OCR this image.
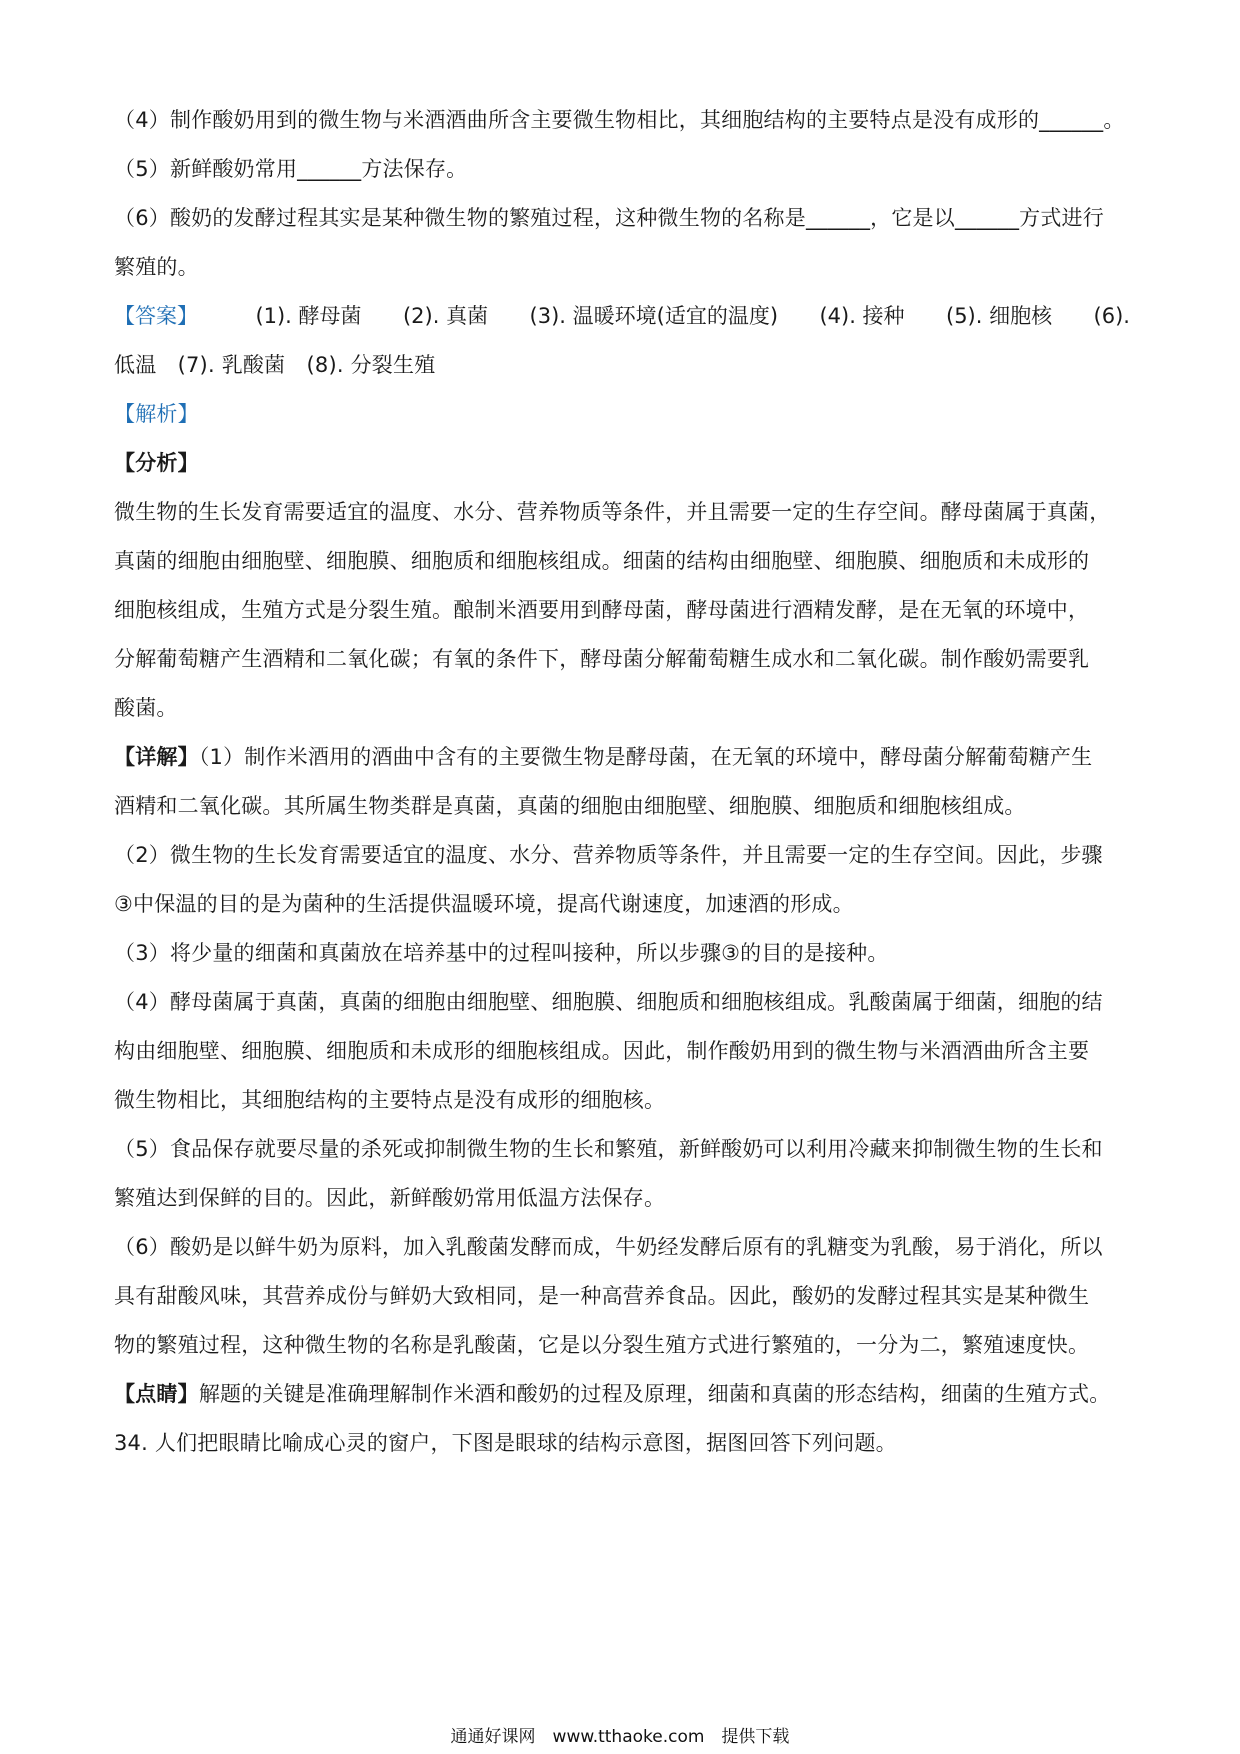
（4）制作酸奶用到的微生物与米酒酒曲所含主要微生物相比，其细胞结构的主要特点是没有成形的______。
（5）新鲜酸奶常用______方法保存。
（6）酸奶的发酵过程其实是某种微生物的繁殖过程，这种微生物的名称是______，它是以______方式进行
繁殖的。
【答案】	(1). 酵母菌 (2). 真菌 (3). 温暖环境(适宜的温度) (4). 接种 (5). 细胞核 (6).
低温　(7). 乳酸菌　(8). 分裂生殖
【解析】
【分析】
微生物的生长发育需要适宜的温度、水分、营养物质等条件，并且需要一定的生存空间。酵母菌属于真菌，
真菌的细胞由细胞壁、细胞膜、细胞质和细胞核组成。细菌的结构由细胞壁、细胞膜、细胞质和未成形的
细胞核组成，生殖方式是分裂生殖。酿制米酒要用到酵母菌，酵母菌进行酒精发酵，是在无氧的环境中，
分解葡萄糖产生酒精和二氧化碳；有氧的条件下，酵母菌分解葡萄糖生成水和二氧化碳。制作酸奶需要乳
酸菌。
【详解】（1）制作米酒用的酒曲中含有的主要微生物是酵母菌，在无氧的环境中，酵母菌分解葡萄糖产生
酒精和二氧化碳。其所属生物类群是真菌，真菌的细胞由细胞壁、细胞膜、细胞质和细胞核组成。
（2）微生物的生长发育需要适宜的温度、水分、营养物质等条件，并且需要一定的生存空间。因此，步骤
③中保温的目的是为菌种的生活提供温暖环境，提高代谢速度，加速酒的形成。
（3）将少量的细菌和真菌放在培养基中的过程叫接种，所以步骤③的目的是接种。
（4）酵母菌属于真菌，真菌的细胞由细胞壁、细胞膜、细胞质和细胞核组成。乳酸菌属于细菌，细胞的结
构由细胞壁、细胞膜、细胞质和未成形的细胞核组成。因此，制作酸奶用到的微生物与米酒酒曲所含主要
微生物相比，其细胞结构的主要特点是没有成形的细胞核。
（5）食品保存就要尽量的杀死或抑制微生物的生长和繁殖，新鲜酸奶可以利用冷藏来抑制微生物的生长和
繁殖达到保鲜的目的。因此，新鲜酸奶常用低温方法保存。
（6）酸奶是以鲜牛奶为原料，加入乳酸菌发酵而成，牛奶经发酵后原有的乳糖变为乳酸，易于消化，所以
具有甜酸风味，其营养成份与鲜奶大致相同，是一种高营养食品。因此，酸奶的发酵过程其实是某种微生
物的繁殖过程，这种微生物的名称是乳酸菌，它是以分裂生殖方式进行繁殖的，一分为二，繁殖速度快。
【点睛】解题的关键是准确理解制作米酒和酸奶的过程及原理，细菌和真菌的形态结构，细菌的生殖方式。
34. 人们把眼睛比喻成心灵的窗户，下图是眼球的结构示意图，据图回答下列问题。
通通好课网　www.tthaoke.com　提供下载
